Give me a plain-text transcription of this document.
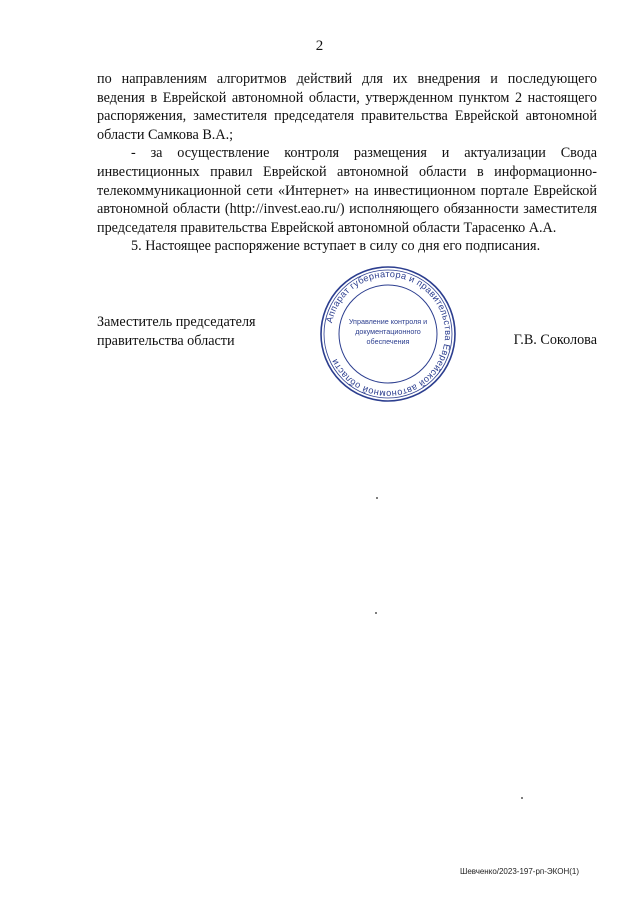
2

по направлениям алгоритмов действий для их внедрения и последующего ведения в Еврейской автономной области, утвержденном пунктом 2 настоящего распоряжения, заместителя председателя правительства Еврейской автономной области Самкова В.А.;

- за осуществление контроля размещения и актуализации Свода инвестиционных правил Еврейской автономной области в информационно-телекоммуникационной сети «Интернет» на инвестиционном портале Еврейской автономной области (http://invest.eao.ru/) исполняющего обязанности заместителя председателя правительства Еврейской автономной области Тарасенко А.А.

5. Настоящее распоряжение вступает в силу со дня его подписания.

Заместитель председателя
правительства области
Аппарат губернатора и правительства Еврейской автономной области
Управление контроля и
документационного
обеспечения	Г.В. Соколова
Шевченко/2023-197-рп-ЭКОН(1)
